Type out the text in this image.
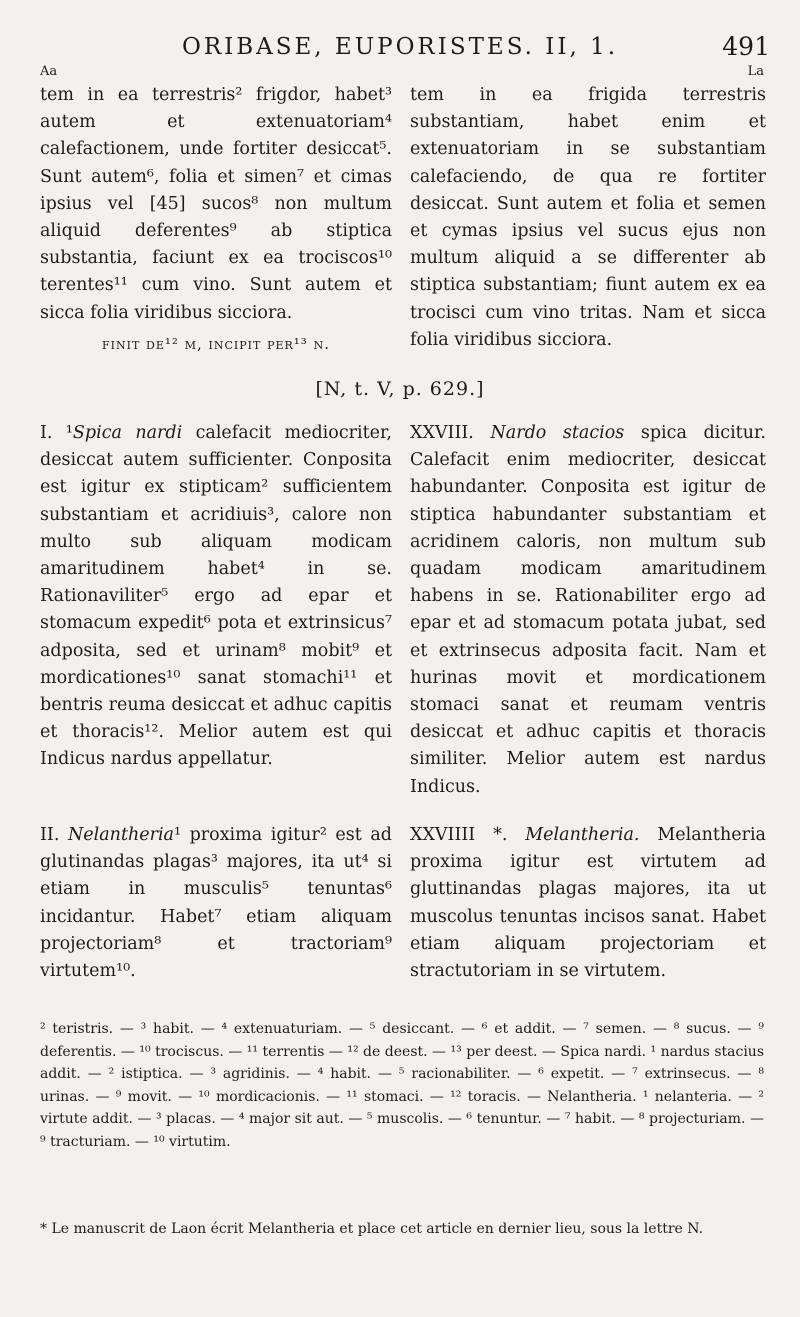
ORIBASE, EUPORISTES. II, 1.	491
Aa	La

tem in ea terrestris² frigdor, habet³ autem et extenuatoriam⁴ calefactionem, unde fortiter desiccat⁵. Sunt autem⁶, folia et simen⁷ et cimas ipsius vel [45] sucos⁸ non multum aliquid deferentes⁹ ab stiptica substantia, faciunt ex ea trociscos¹⁰ terentes¹¹ cum vino. Sunt autem et sicca folia viridibus sicciora.

finit de¹² m, incipit per¹³ n.

tem in ea frigida terrestris substantiam, habet enim et extenuatoriam in se substantiam calefaciendo, de qua re fortiter desiccat. Sunt autem et folia et semen et cymas ipsius vel sucus ejus non multum aliquid a se differenter ab stiptica substantiam; fiunt autem ex ea trocisci cum vino tritas. Nam et sicca folia viridibus sicciora.

[N, t. V, p. 629.]

I. ¹Spica nardi calefacit mediocriter, desiccat autem sufficienter. Conposita est igitur ex stipticam² sufficientem substantiam et acridiuis³, calore non multo sub aliquam modicam amaritudinem habet⁴ in se. Rationaviliter⁵ ergo ad epar et stomacum expedit⁶ pota et extrinsicus⁷ adposita, sed et urinam⁸ mobit⁹ et mordicationes¹⁰ sanat stomachi¹¹ et bentris reuma desiccat et adhuc capitis et thoracis¹². Melior autem est qui Indicus nardus appellatur.

XXVIII. Nardo stacios spica dicitur. Calefacit enim mediocriter, desiccat habundanter. Conposita est igitur de stiptica habundanter substantiam et acridinem caloris, non multum sub quadam modicam amaritudinem habens in se. Rationabiliter ergo ad epar et ad stomacum potata jubat, sed et extrinsecus adposita facit. Nam et hurinas movit et mordicationem stomaci sanat et reumam ventris desiccat et adhuc capitis et thoracis similiter. Melior autem est nardus Indicus.

II. Nelantheria¹ proxima igitur² est ad glutinandas plagas³ majores, ita ut⁴ si etiam in musculis⁵ tenuntas⁶ incidantur. Habet⁷ etiam aliquam projectoriam⁸ et tractoriam⁹ virtutem¹⁰.

XXVIIII *. Melantheria. Melantheria proxima igitur est virtutem ad gluttinandas plagas majores, ita ut muscolus tenuntas incisos sanat. Habet etiam aliquam projectoriam et stractutoriam in se virtutem.

² teristris. — ³ habit. — ⁴ extenuaturiam. — ⁵ desiccant. — ⁶ et addit. — ⁷ semen. — ⁸ sucus. — ⁹ deferentis. — ¹⁰ trociscus. — ¹¹ terrentis — ¹² de deest. — ¹³ per deest. — Spica nardi. ¹ nardus stacius addit. — ² istiptica. — ³ agridinis. — ⁴ habit. — ⁵ racionabiliter. — ⁶ expetit. — ⁷ extrinsecus. — ⁸ urinas. — ⁹ movit. — ¹⁰ mordicacionis. — ¹¹ stomaci. — ¹² toracis. — Nelantheria. ¹ nelanteria. — ² virtute addit. — ³ placas. — ⁴ major sit aut. — ⁵ muscolis. — ⁶ tenuntur. — ⁷ habit. — ⁸ projecturiam. — ⁹ tracturiam. — ¹⁰ virtutim.

* Le manuscrit de Laon écrit Melantheria et place cet article en dernier lieu, sous la lettre N.
